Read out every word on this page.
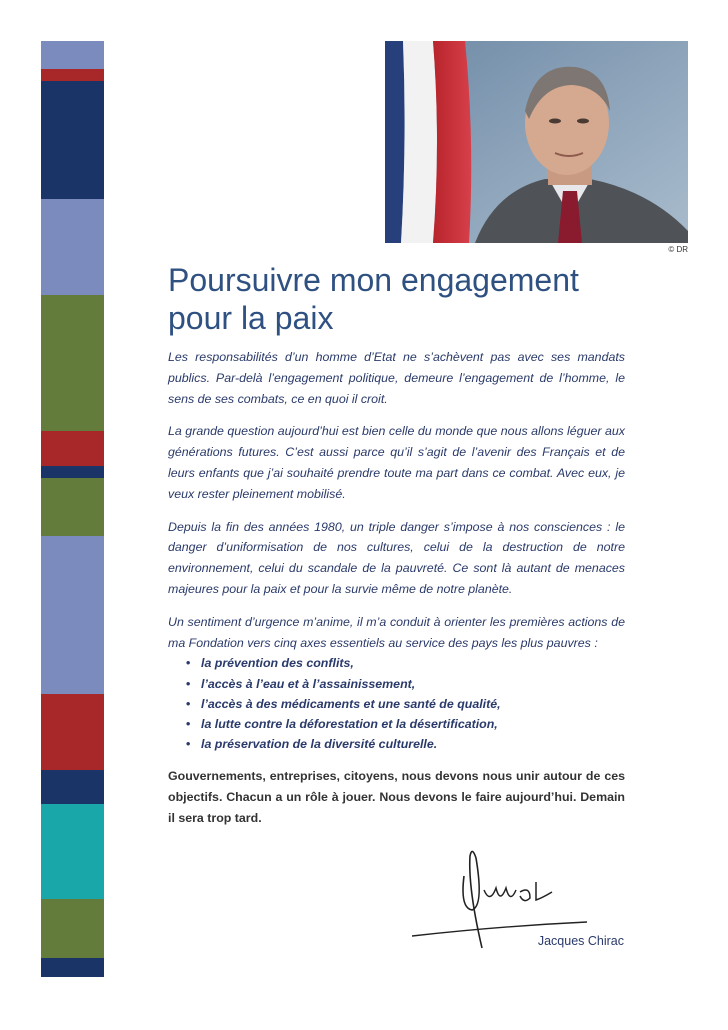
© DR
Poursuivre mon engagement
pour la paix

Les responsabilités d’un homme d’Etat ne s’achèvent pas avec ses mandats publics. Par-delà l’engagement politique, demeure l’engagement de l’homme, le sens de ses combats, ce en quoi il croit.

La grande question aujourd’hui est bien celle du monde que nous allons léguer aux générations futures. C’est aussi parce qu’il s’agit de l’avenir des Français et de leurs enfants que j’ai souhaité prendre toute ma part dans ce combat. Avec eux, je veux rester pleinement mobilisé.

Depuis la fin des années 1980, un triple danger s’impose à nos consciences : le danger d’uniformisation de nos cultures, celui de la destruction de notre environnement, celui du scandale de la pauvreté. Ce sont là autant de menaces majeures pour la paix et pour la survie même de notre planète.

Un sentiment d’urgence m’anime, il m’a conduit à orienter les premières actions de ma Fondation vers cinq axes essentiels au service des pays les plus pauvres :

• la prévention des conflits,
• l’accès à l’eau et à l’assainissement,
• l’accès à des médicaments et une santé de qualité,
• la lutte contre la déforestation et la désertification,
• la préservation de la diversité culturelle.

Gouvernements, entreprises, citoyens, nous devons nous unir autour de ces objectifs. Chacun a un rôle à jouer. Nous devons le faire aujourd’hui. Demain il sera trop tard.

Jacques Chirac
